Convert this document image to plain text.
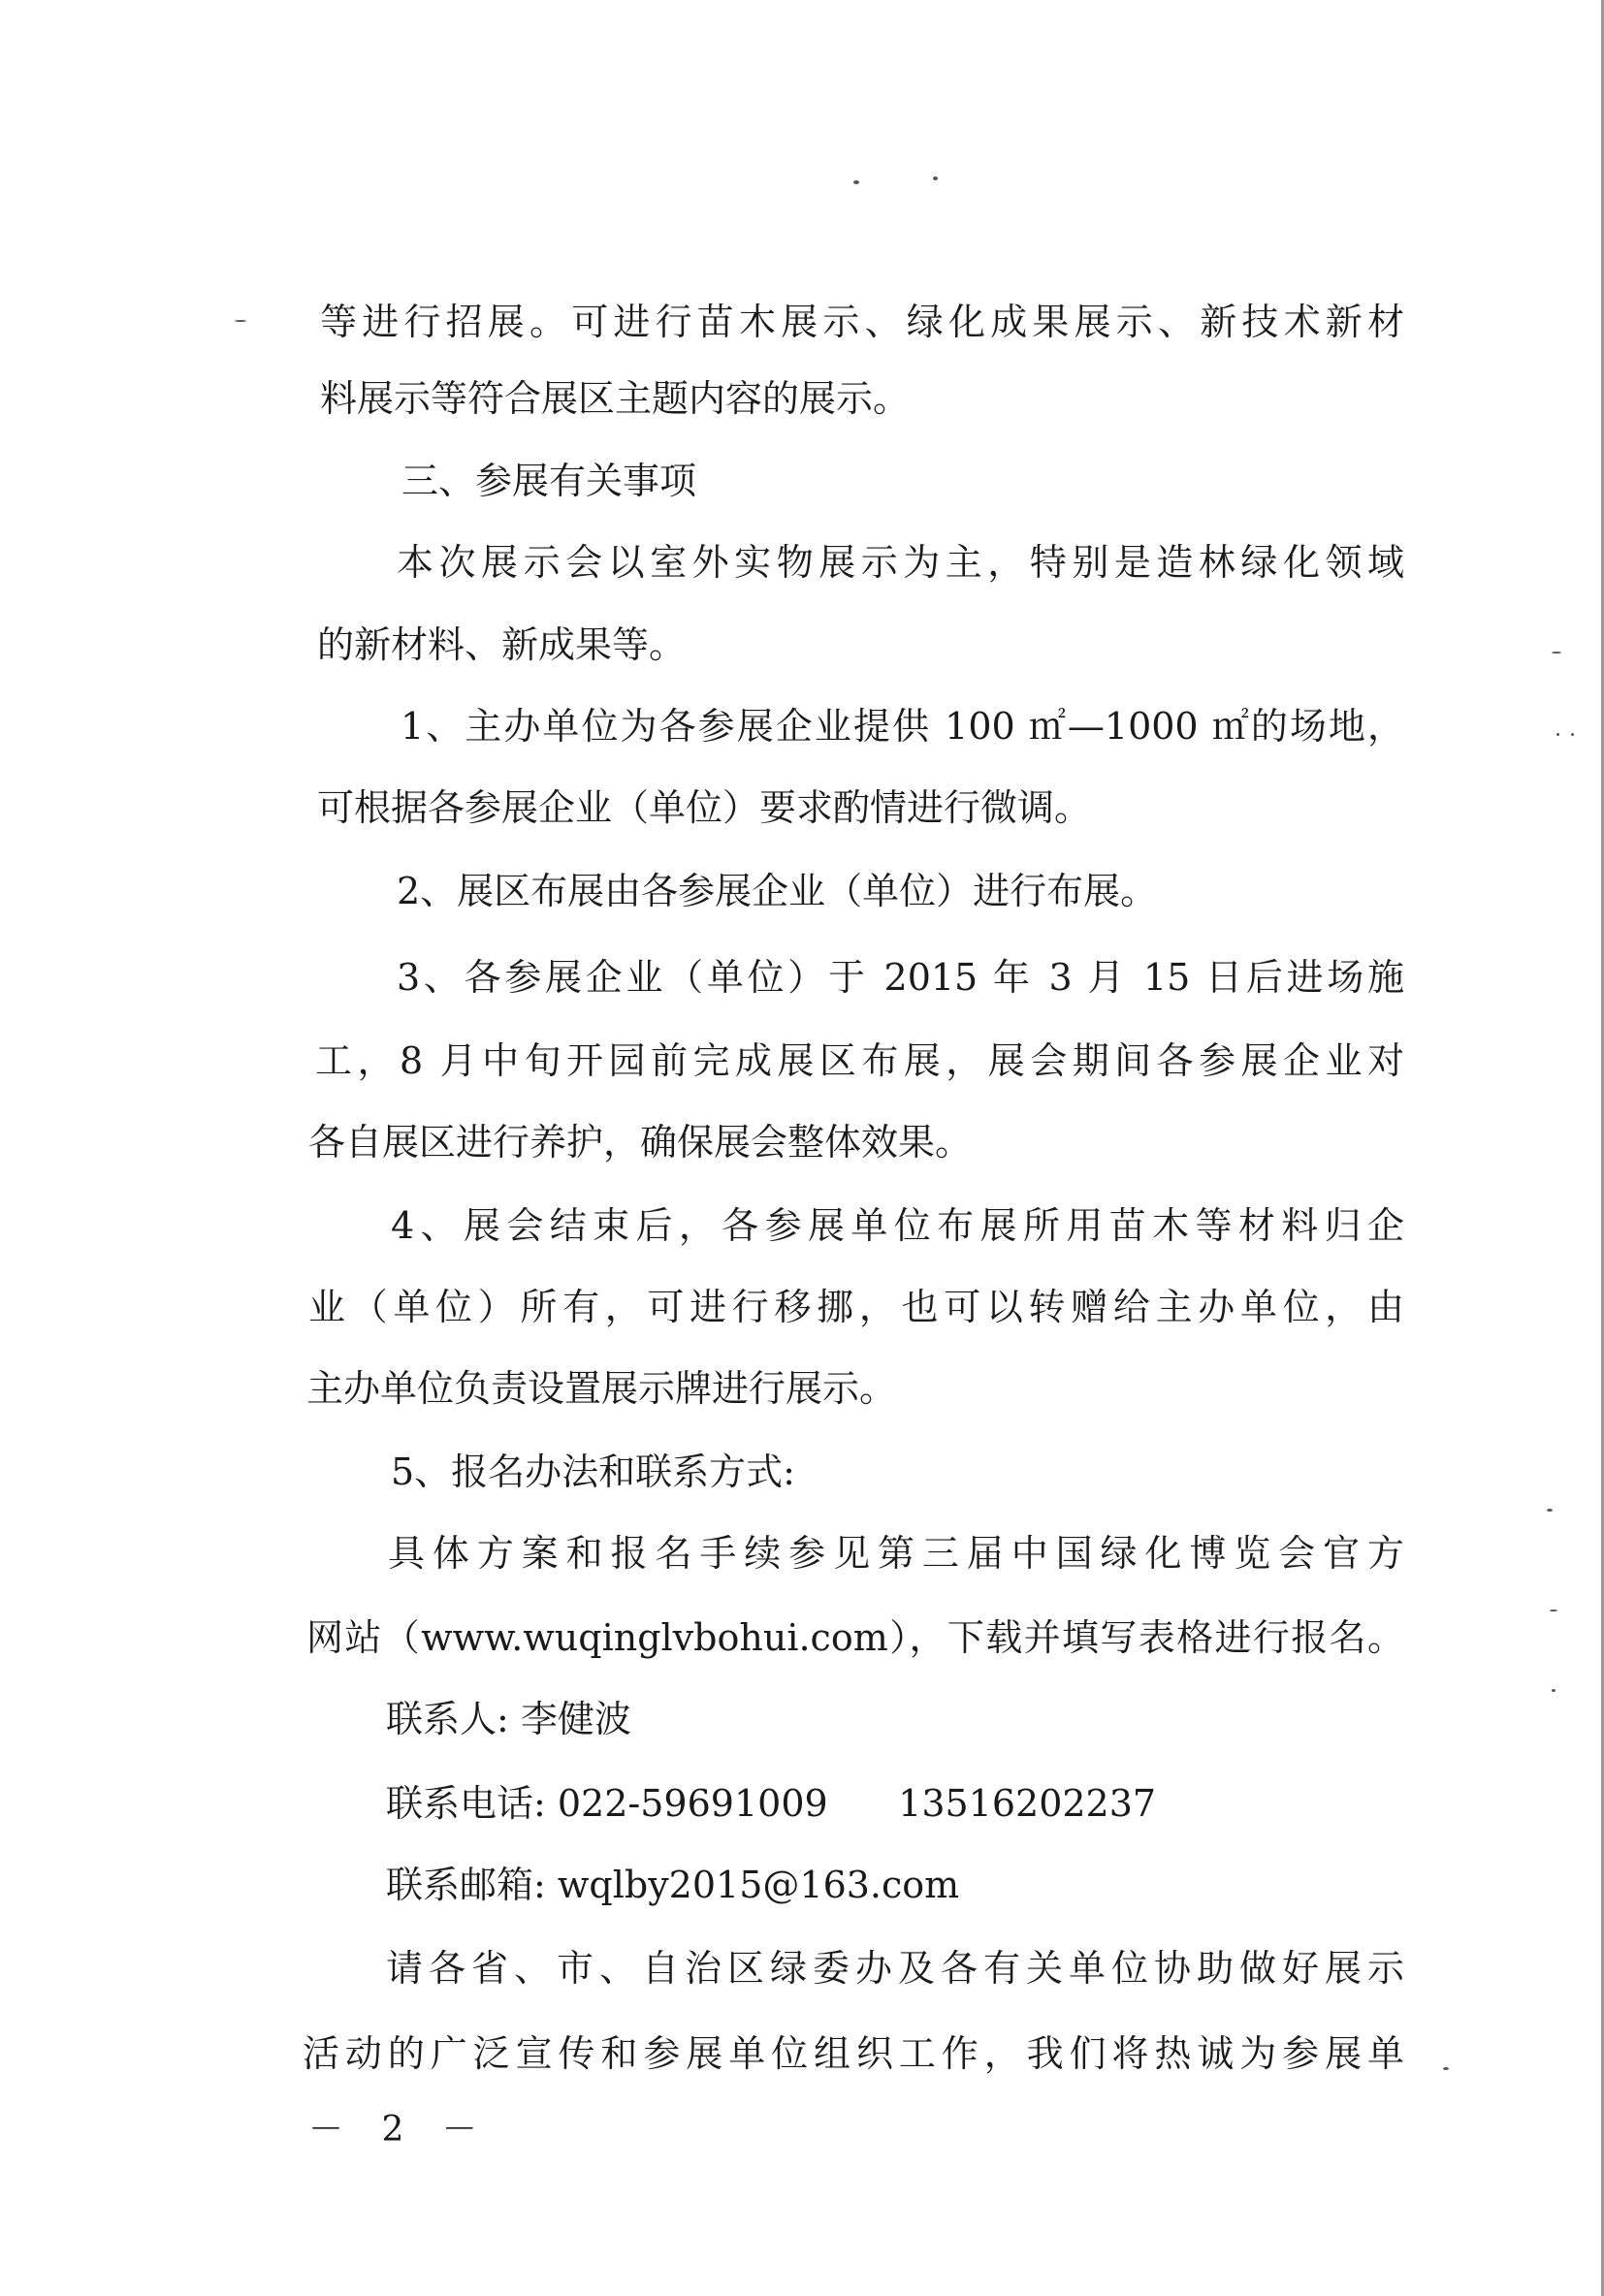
等进行招展。可进行苗木展示、绿化成果展示、新技术新材
料展示等符合展区主题内容的展示。
三、参展有关事项
本次展示会以室外实物展示为主，特别是造林绿化领域
的新材料、新成果等。
1、主办单位为各参展企业提供 100 ㎡—1000 ㎡的场地，
可根据各参展企业（单位）要求酌情进行微调。
2、展区布展由各参展企业（单位）进行布展。
3、各参展企业（单位）于 2015 年 3 月 15 日后进场施
工，8 月中旬开园前完成展区布展，展会期间各参展企业对
各自展区进行养护，确保展会整体效果。
4、展会结束后，各参展单位布展所用苗木等材料归企
业（单位）所有，可进行移挪，也可以转赠给主办单位，由
主办单位负责设置展示牌进行展示。
5、报名办法和联系方式:
具体方案和报名手续参见第三届中国绿化博览会官方
网站（www.wuqinglvbohui.com），下载并填写表格进行报名。
联系人: 李健波
联系电话: 022-59691009      13516202237
联系邮箱: wqlby2015@163.com
请各省、市、自治区绿委办及各有关单位协助做好展示
活动的广泛宣传和参展单位组织工作，我们将热诚为参展单
－ 2 －
